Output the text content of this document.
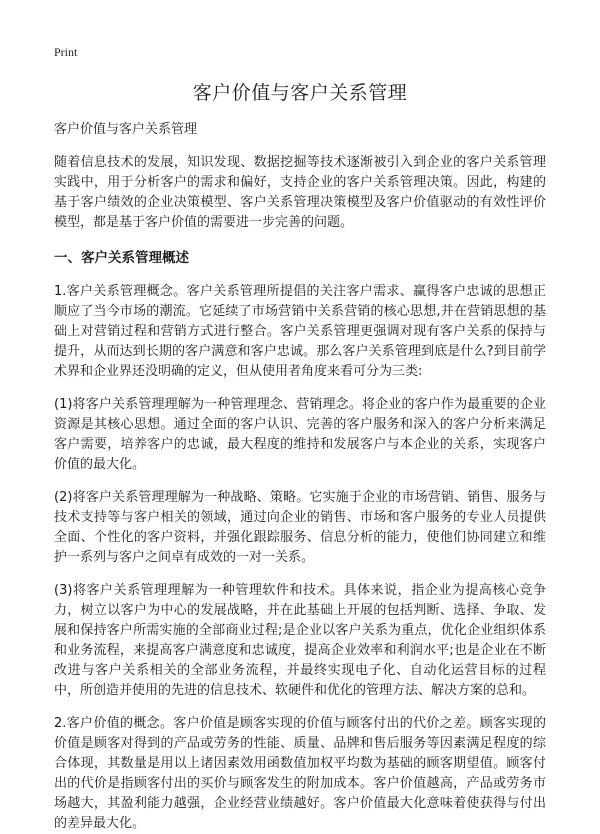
Print
客户价值与客户关系管理
客户价值与客户关系管理

随着信息技术的发展，知识发现、数据挖掘等技术逐渐被引入到企业的客户关系管理实践中，用于分析客户的需求和偏好，支持企业的客户关系管理决策。因此，构建的基于客户绩效的企业决策模型、客户关系管理决策模型及客户价值驱动的有效性评价模型，都是基于客户价值的需要进一步完善的问题。

一、客户关系管理概述

1.客户关系管理概念。客户关系管理所提倡的关注客户需求、赢得客户忠诚的思想正顺应了当今市场的潮流。它延续了市场营销中关系营销的核心思想,并在营销思想的基础上对营销过程和营销方式进行整合。客户关系管理更强调对现有客户关系的保持与提升，从而达到长期的客户满意和客户忠诚。那么客户关系管理到底是什么?到目前学术界和企业界还没明确的定义，但从使用者角度来看可分为三类:

(1)将客户关系管理理解为一种管理理念、营销理念。将企业的客户作为最重要的企业资源是其核心思想。通过全面的客户认识、完善的客户服务和深入的客户分析来满足客户需要，培养客户的忠诚，最大程度的维持和发展客户与本企业的关系，实现客户价值的最大化。

(2)将客户关系管理理解为一种战略、策略。它实施于企业的市场营销、销售、服务与技术支持等与客户相关的领域，通过向企业的销售、市场和客户服务的专业人员提供全面、个性化的客户资料，并强化跟踪服务、信息分析的能力，使他们协同建立和维护一系列与客户之间卓有成效的一对一关系。

(3)将客户关系管理理解为一种管理软件和技术。具体来说，指企业为提高核心竞争力，树立以客户为中心的发展战略，并在此基础上开展的包括判断、选择、争取、发展和保持客户所需实施的全部商业过程;是企业以客户关系为重点，优化企业组织体系和业务流程，来提高客户满意度和忠诚度，提高企业效率和利润水平;也是企业在不断改进与客户关系相关的全部业务流程，并最终实现电子化、自动化运营目标的过程中，所创造并使用的先进的信息技术、软硬件和优化的管理方法、解决方案的总和。

2.客户价值的概念。客户价值是顾客实现的价值与顾客付出的代价之差。顾客实现的价值是顾客对得到的产品或劳务的性能、质量、品牌和售后服务等因素满足程度的综合体现，其数量是用以上诸因素效用函数值加权平均数为基础的顾客期望值。顾客付出的代价是指顾客付出的买价与顾客发生的附加成本。客户价值越高，产品或劳务市场越大，其盈利能力越强，企业经营业绩越好。客户价值最大化意味着使获得与付出的差异最大化。
